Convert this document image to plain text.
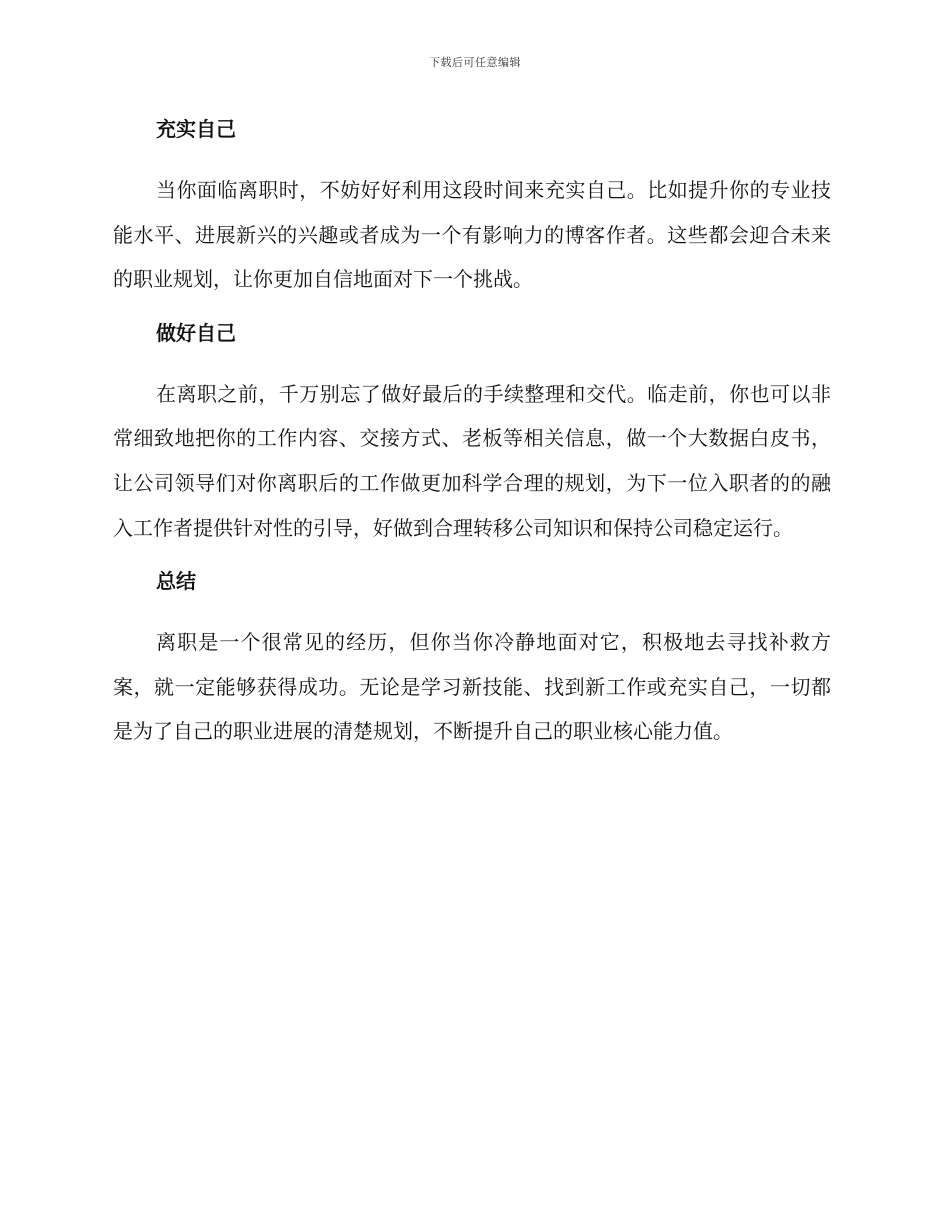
下载后可任意编辑
充实自己

当你面临离职时，不妨好好利用这段时间来充实自己。比如提升你的专业技能水平、进展新兴的兴趣或者成为一个有影响力的博客作者。这些都会迎合未来的职业规划，让你更加自信地面对下一个挑战。

做好自己

在离职之前，千万别忘了做好最后的手续整理和交代。临走前，你也可以非常细致地把你的工作内容、交接方式、老板等相关信息，做一个大数据白皮书，让公司领导们对你离职后的工作做更加科学合理的规划，为下一位入职者的的融入工作者提供针对性的引导，好做到合理转移公司知识和保持公司稳定运行。

总结

离职是一个很常见的经历，但你当你冷静地面对它，积极地去寻找补救方案，就一定能够获得成功。无论是学习新技能、找到新工作或充实自己，一切都是为了自己的职业进展的清楚规划，不断提升自己的职业核心能力值。
